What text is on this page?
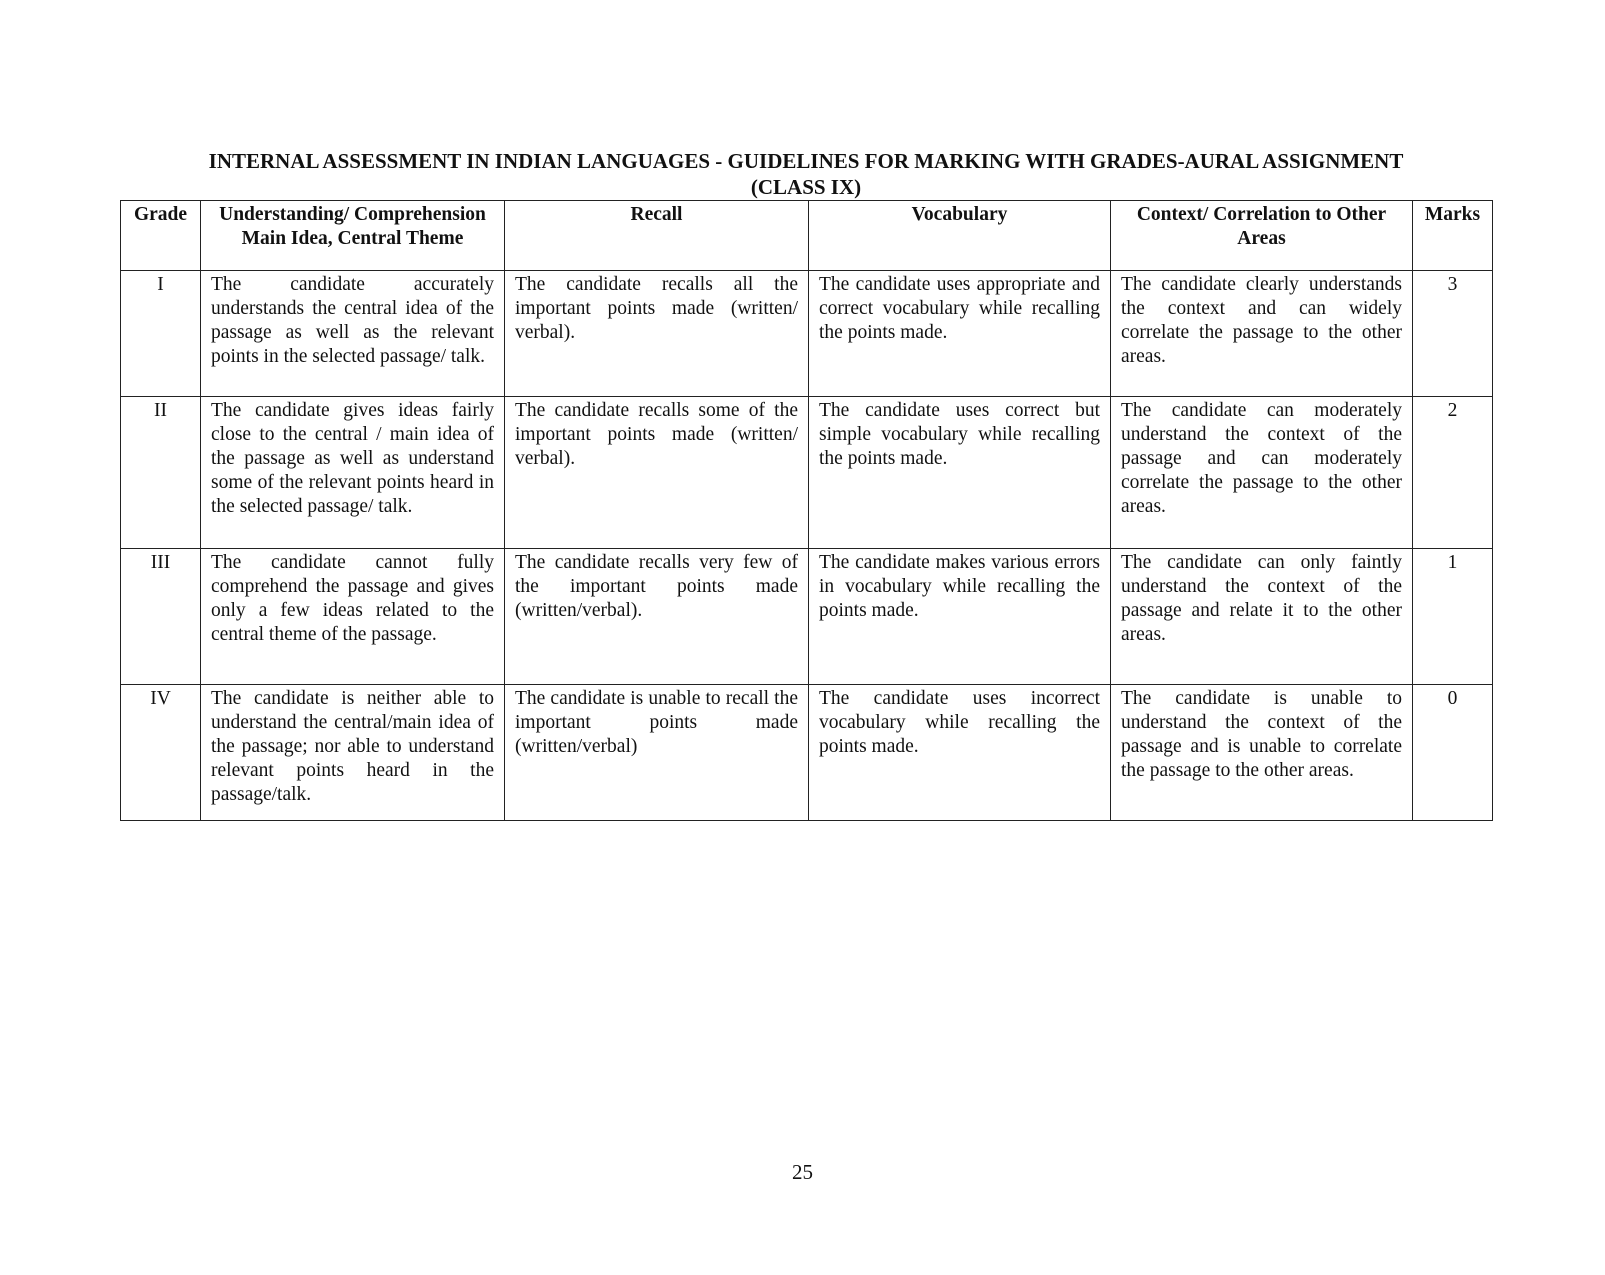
INTERNAL ASSESSMENT IN INDIAN LANGUAGES - GUIDELINES FOR MARKING WITH GRADES-AURAL ASSIGNMENT
(CLASS IX)
Grade	Understanding/ Comprehension Main Idea, Central Theme	Recall	Vocabulary	Context/ Correlation to Other Areas	Marks
I	The candidate accurately understands the central idea of the passage as well as the relevant points in the selected passage/ talk.	The candidate recalls all the important points made (written/ verbal).	The candidate uses appropriate and correct vocabulary while recalling the points made.	The candidate clearly understands the context and can widely correlate the passage to the other areas.	3
II	The candidate gives ideas fairly close to the central / main idea of the passage as well as understand some of the relevant points heard in the selected passage/ talk.	The candidate recalls some of the important points made (written/ verbal).	The candidate uses correct but simple vocabulary while recalling the points made.	The candidate can moderately understand the context of the passage and can moderately correlate the passage to the other areas.	2
III	The candidate cannot fully comprehend the passage and gives only a few ideas related to the central theme of the passage.	The candidate recalls very few of the important points made (written/verbal).	The candidate makes various errors in vocabulary while recalling the points made.	The candidate can only faintly understand the context of the passage and relate it to the other areas.	1
IV	The candidate is neither able to understand the central/main idea of the passage; nor able to understand relevant points heard in the passage/talk.	The candidate is unable to recall the important points made (written/verbal)	The candidate uses incorrect vocabulary while recalling the points made.	The candidate is unable to understand the context of the passage and is unable to correlate the passage to the other areas.	0
25
